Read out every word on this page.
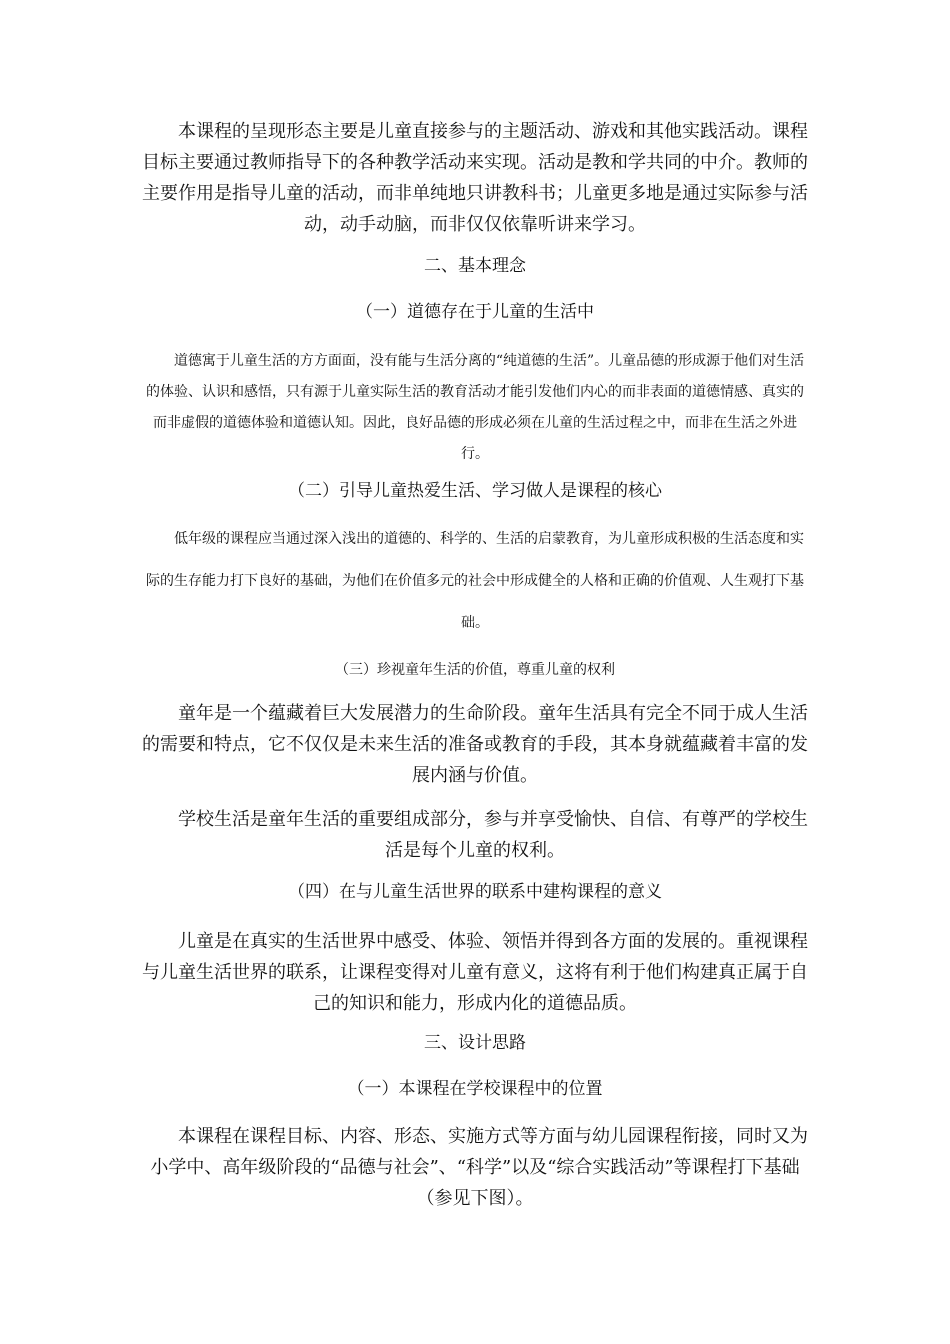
本课程的呈现形态主要是儿童直接参与的主题活动、游戏和其他实践活动。课程目标主要通过教师指导下的各种教学活动来实现。活动是教和学共同的中介。教师的主要作用是指导儿童的活动，而非单纯地只讲教科书；儿童更多地是通过实际参与活动，动手动脑，而非仅仅依靠听讲来学习。

二、基本理念

（一）道德存在于儿童的生活中

道德寓于儿童生活的方方面面，没有能与生活分离的“纯道德的生活”。儿童品德的形成源于他们对生活的体验、认识和感悟，只有源于儿童实际生活的教育活动才能引发他们内心的而非表面的道德情感、真实的而非虚假的道德体验和道德认知。因此，良好品德的形成必须在儿童的生活过程之中，而非在生活之外进行。

（二）引导儿童热爱生活、学习做人是课程的核心

低年级的课程应当通过深入浅出的道德的、科学的、生活的启蒙教育，为儿童形成积极的生活态度和实际的生存能力打下良好的基础，为他们在价值多元的社会中形成健全的人格和正确的价值观、人生观打下基础。

（三）珍视童年生活的价值，尊重儿童的权利

童年是一个蕴藏着巨大发展潜力的生命阶段。童年生活具有完全不同于成人生活的需要和特点，它不仅仅是未来生活的准备或教育的手段，其本身就蕴藏着丰富的发展内涵与价值。

学校生活是童年生活的重要组成部分，参与并享受愉快、自信、有尊严的学校生活是每个儿童的权利。

（四）在与儿童生活世界的联系中建构课程的意义

儿童是在真实的生活世界中感受、体验、领悟并得到各方面的发展的。重视课程与儿童生活世界的联系，让课程变得对儿童有意义，这将有利于他们构建真正属于自己的知识和能力，形成内化的道德品质。

三、设计思路

（一）本课程在学校课程中的位置

本课程在课程目标、内容、形态、实施方式等方面与幼儿园课程衔接，同时又为小学中、高年级阶段的“品德与社会”、“科学”以及“综合实践活动”等课程打下基础（参见下图）。
